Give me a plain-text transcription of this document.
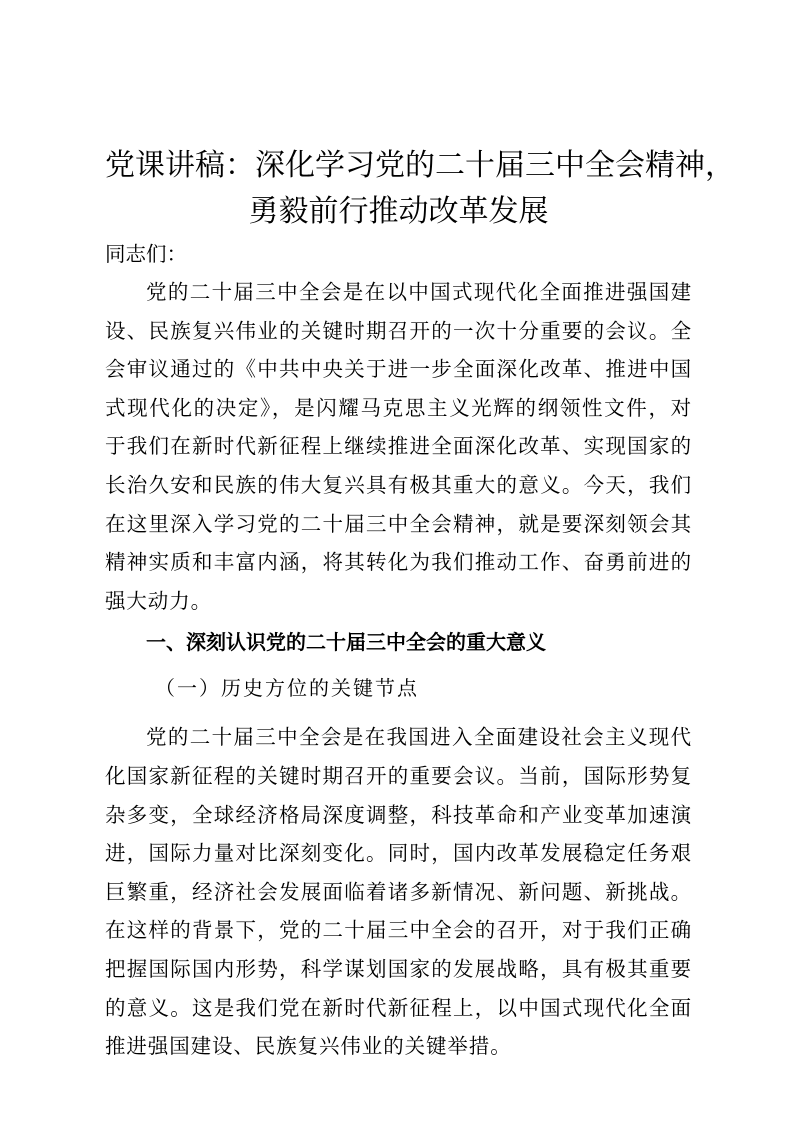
党课讲稿：深化学习党的二十届三中全会精神，
勇毅前行推动改革发展

同志们：

党的二十届三中全会是在以中国式现代化全面推进强国建设、民族复兴伟业的关键时期召开的一次十分重要的会议。全会审议通过的《中共中央关于进一步全面深化改革、推进中国式现代化的决定》，是闪耀马克思主义光辉的纲领性文件，对于我们在新时代新征程上继续推进全面深化改革、实现国家的长治久安和民族的伟大复兴具有极其重大的意义。今天，我们在这里深入学习党的二十届三中全会精神，就是要深刻领会其精神实质和丰富内涵，将其转化为我们推动工作、奋勇前进的强大动力。

一、深刻认识党的二十届三中全会的重大意义

（一）历史方位的关键节点

党的二十届三中全会是在我国进入全面建设社会主义现代化国家新征程的关键时期召开的重要会议。当前，国际形势复杂多变，全球经济格局深度调整，科技革命和产业变革加速演进，国际力量对比深刻变化。同时，国内改革发展稳定任务艰巨繁重，经济社会发展面临着诸多新情况、新问题、新挑战。在这样的背景下，党的二十届三中全会的召开，对于我们正确把握国际国内形势，科学谋划国家的发展战略，具有极其重要的意义。这是我们党在新时代新征程上，以中国式现代化全面推进强国建设、民族复兴伟业的关键举措。
